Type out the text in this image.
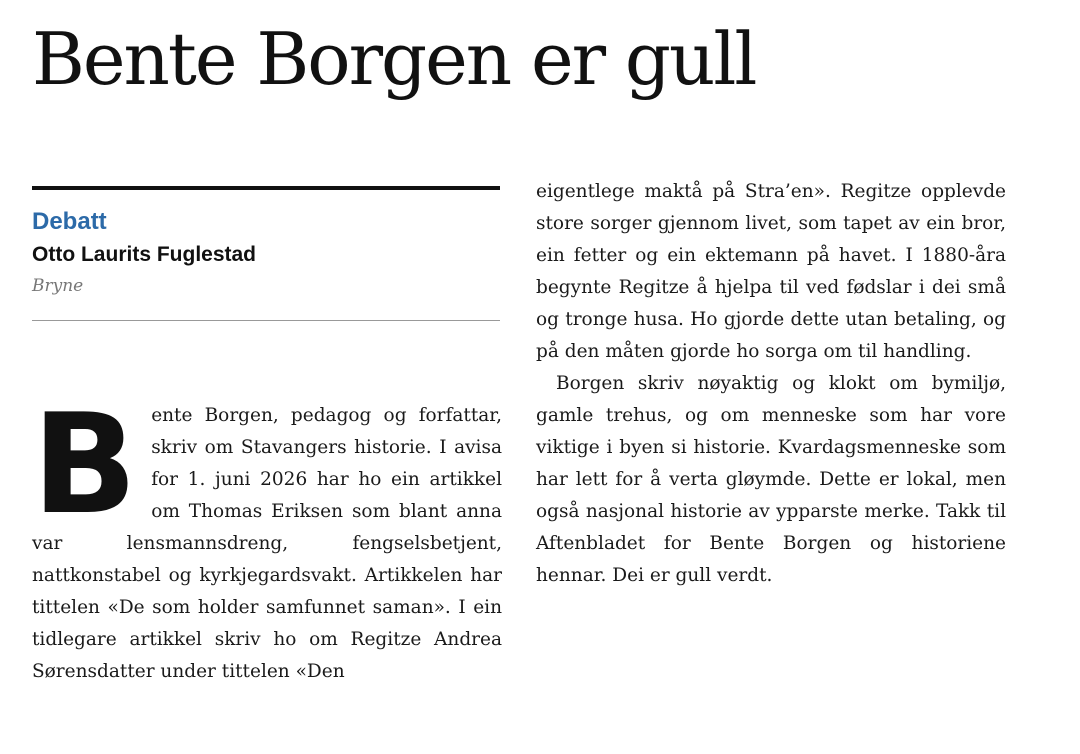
Bente Borgen er gull
Debatt
Otto Laurits Fuglestad
Bryne

B ente Borgen, pedagog og forfattar, skriv om Stavangers historie. I avisa for 1. juni 2026 har ho ein artikkel om Thomas Eriksen som blant anna var lensmannsdreng, fengselsbetjent, nattkonstabel og kyrkjegardsvakt. Artikkelen har tittelen «De som holder samfunnet saman». I ein tidlegare artikkel skriv ho om Regitze Andrea Sørensdatter under tittelen «Den

eigentlege maktå på Stra’en». Regitze opplevde store sorger gjennom livet, som tapet av ein bror, ein fetter og ein ektemann på havet. I 1880-åra begynte Regitze å hjelpa til ved fødslar i dei små og tronge husa. Ho gjorde dette utan betaling, og på den måten gjorde ho sorga om til handling.

Borgen skriv nøyaktig og klokt om bymiljø, gamle trehus, og om menneske som har vore viktige i byen si historie. Kvardagsmenneske som har lett for å verta gløymde. Dette er lokal, men også nasjonal historie av ypparste merke. Takk til Aftenbladet for Bente Borgen og historiene hennar. Dei er gull verdt.
